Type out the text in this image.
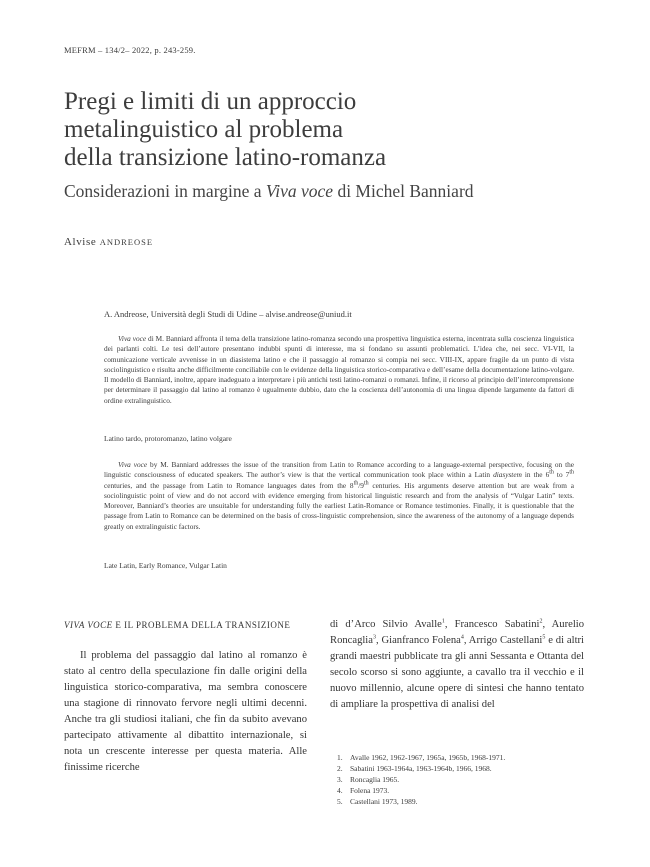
MEFRM – 134/2– 2022, p. 243-259.
Pregi e limiti di un approccio
metalinguistico al problema
della transizione latino-romanza
Considerazioni in margine a Viva voce di Michel Banniard
Alvise ANDREOSE
A. Andreose, Università degli Studi di Udine – alvise.andreose@uniud.it
Viva voce di M. Banniard affronta il tema della transizione latino-romanza secondo una prospettiva linguistica esterna, incentrata sulla coscienza linguistica dei parlanti colti. Le tesi dell’autore presentano indubbi spunti di interesse, ma si fondano su assunti problematici. L’idea che, nei secc. VI-VII, la comunicazione verticale avvenisse in un diasistema latino e che il passaggio al romanzo si compia nei secc. VIII-IX, appare fragile da un punto di vista sociolinguistico e risulta anche difficilmente conciliabile con le evidenze della linguistica storico-comparativa e dell’esame della documentazione latino-volgare. Il modello di Banniard, inoltre, appare inadeguato a interpretare i più antichi testi latino-romanzi o romanzi. Infine, il ricorso al principio dell’intercomprensione per determinare il passaggio dal latino al romanzo è ugualmente dubbio, dato che la coscienza dell’autonomia di una lingua dipende largamente da fattori di ordine extralinguistico.
Latino tardo, protoromanzo, latino volgare
Viva voce by M. Banniard addresses the issue of the transition from Latin to Romance according to a language-external perspective, focusing on the linguistic consciousness of educated speakers. The author’s view is that the vertical communication took place within a Latin diasystem in the 6th to 7th centuries, and the passage from Latin to Romance languages dates from the 8th/9th centuries. His arguments deserve attention but are weak from a sociolinguistic point of view and do not accord with evidence emerging from historical linguistic research and from the analysis of “Vulgar Latin” texts. Moreover, Banniard’s theories are unsuitable for understanding fully the earliest Latin-Romance or Romance testimonies. Finally, it is questionable that the passage from Latin to Romance can be determined on the basis of cross-linguistic comprehension, since the awareness of the autonomy of a language depends greatly on extralinguistic factors.
Late Latin, Early Romance, Vulgar Latin
VIVA VOCE E IL PROBLEMA DELLA TRANSIZIONE

Il problema del passaggio dal latino al romanzo è stato al centro della speculazione fin dalle origini della linguistica storico-comparativa, ma sembra conoscere una stagione di rinnovato fervore negli ultimi decenni. Anche tra gli studiosi italiani, che fin da subito avevano partecipato attivamente al dibattito internazionale, si nota un crescente interesse per questa materia. Alle finissime ricerche

di d’Arco Silvio Avalle$^1$, Francesco Sabatini$^2$, Aurelio Roncaglia$^3$, Gianfranco Folena$^4$, Arrigo Castellani$^5$ e di altri grandi maestri pubblicate tra gli anni Sessanta e Ottanta del secolo scorso si sono aggiunte, a cavallo tra il vecchio e il nuovo millennio, alcune opere di sintesi che hanno tentato di ampliare la prospettiva di analisi del

1. Avalle 1962, 1962-1967, 1965a, 1965b, 1968-1971.
2. Sabatini 1963-1964a, 1963-1964b, 1966, 1968.
3. Roncaglia 1965.
4. Folena 1973.
5. Castellani 1973, 1989.
